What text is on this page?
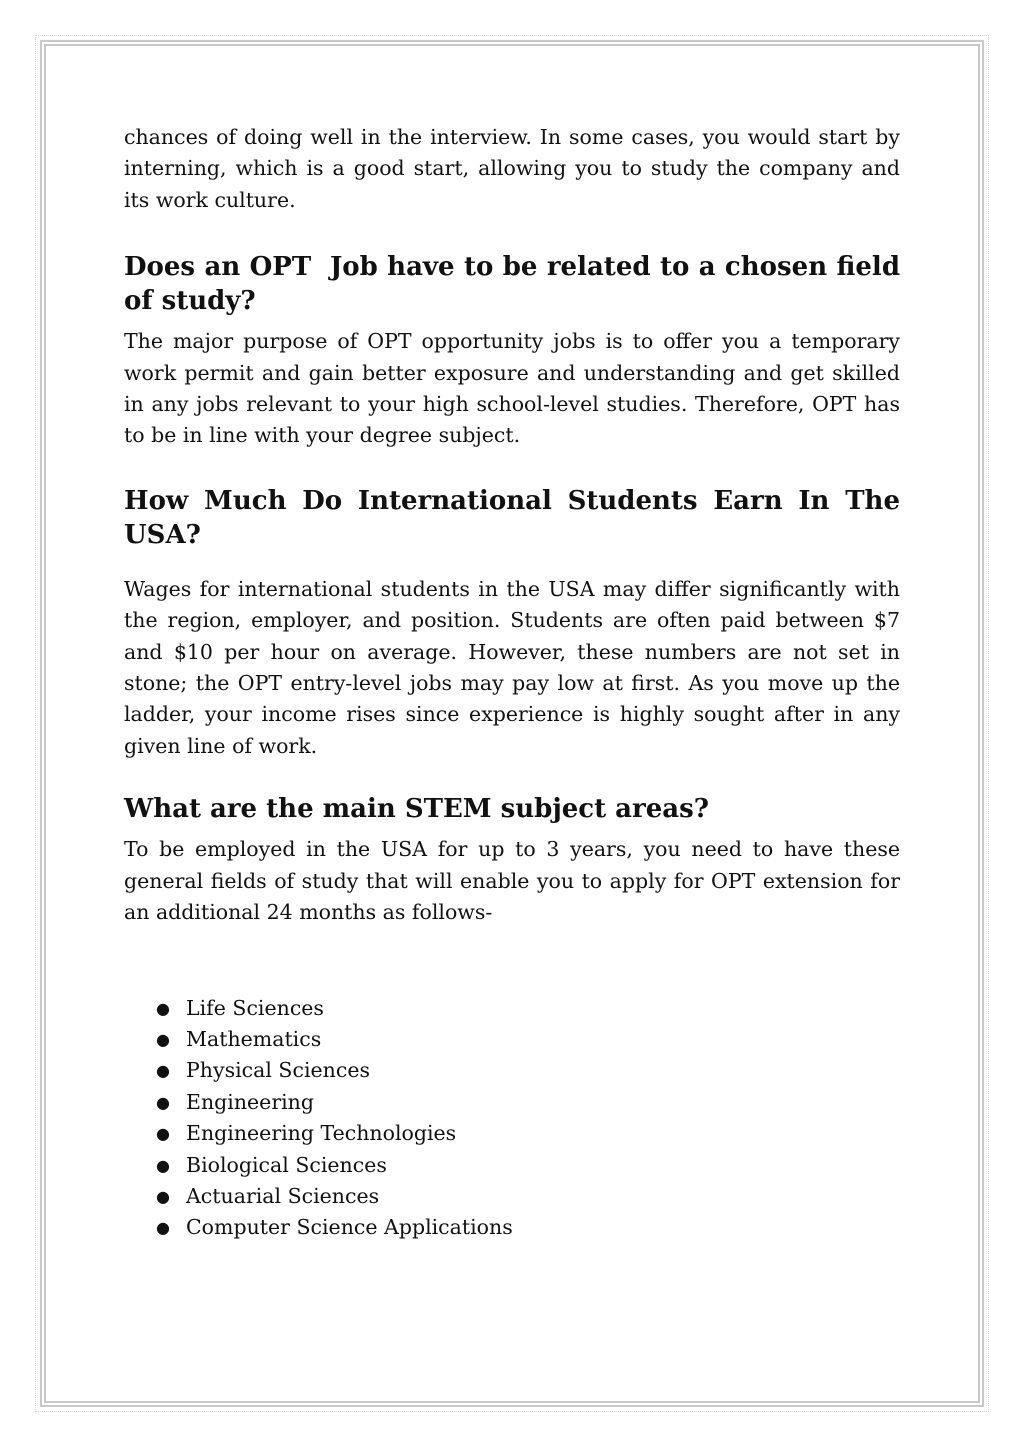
chances of doing well in the interview. In some cases, you would start by interning, which is a good start, allowing you to study the company and its work culture.

Does an OPT  Job have to be related to a chosen field of study?

The major purpose of OPT opportunity jobs is to offer you a temporary work permit and gain better exposure and understanding and get skilled in any jobs relevant to your high school-level studies. Therefore, OPT has to be in line with your degree subject.

How Much Do International Students Earn In The USA?

Wages for international students in the USA may differ significantly with the region, employer, and position. Students are often paid between $7 and $10 per hour on average. However, these numbers are not set in stone; the OPT entry-level jobs may pay low at first. As you move up the ladder, your income rises since experience is highly sought after in any given line of work.

What are the main STEM subject areas?

To be employed in the USA for up to 3 years, you need to have these general fields of study that will enable you to apply for OPT extension for an additional 24 months as follows-

● Life Sciences
● Mathematics
● Physical Sciences
● Engineering
● Engineering Technologies
● Biological Sciences
● Actuarial Sciences
● Computer Science Applications
